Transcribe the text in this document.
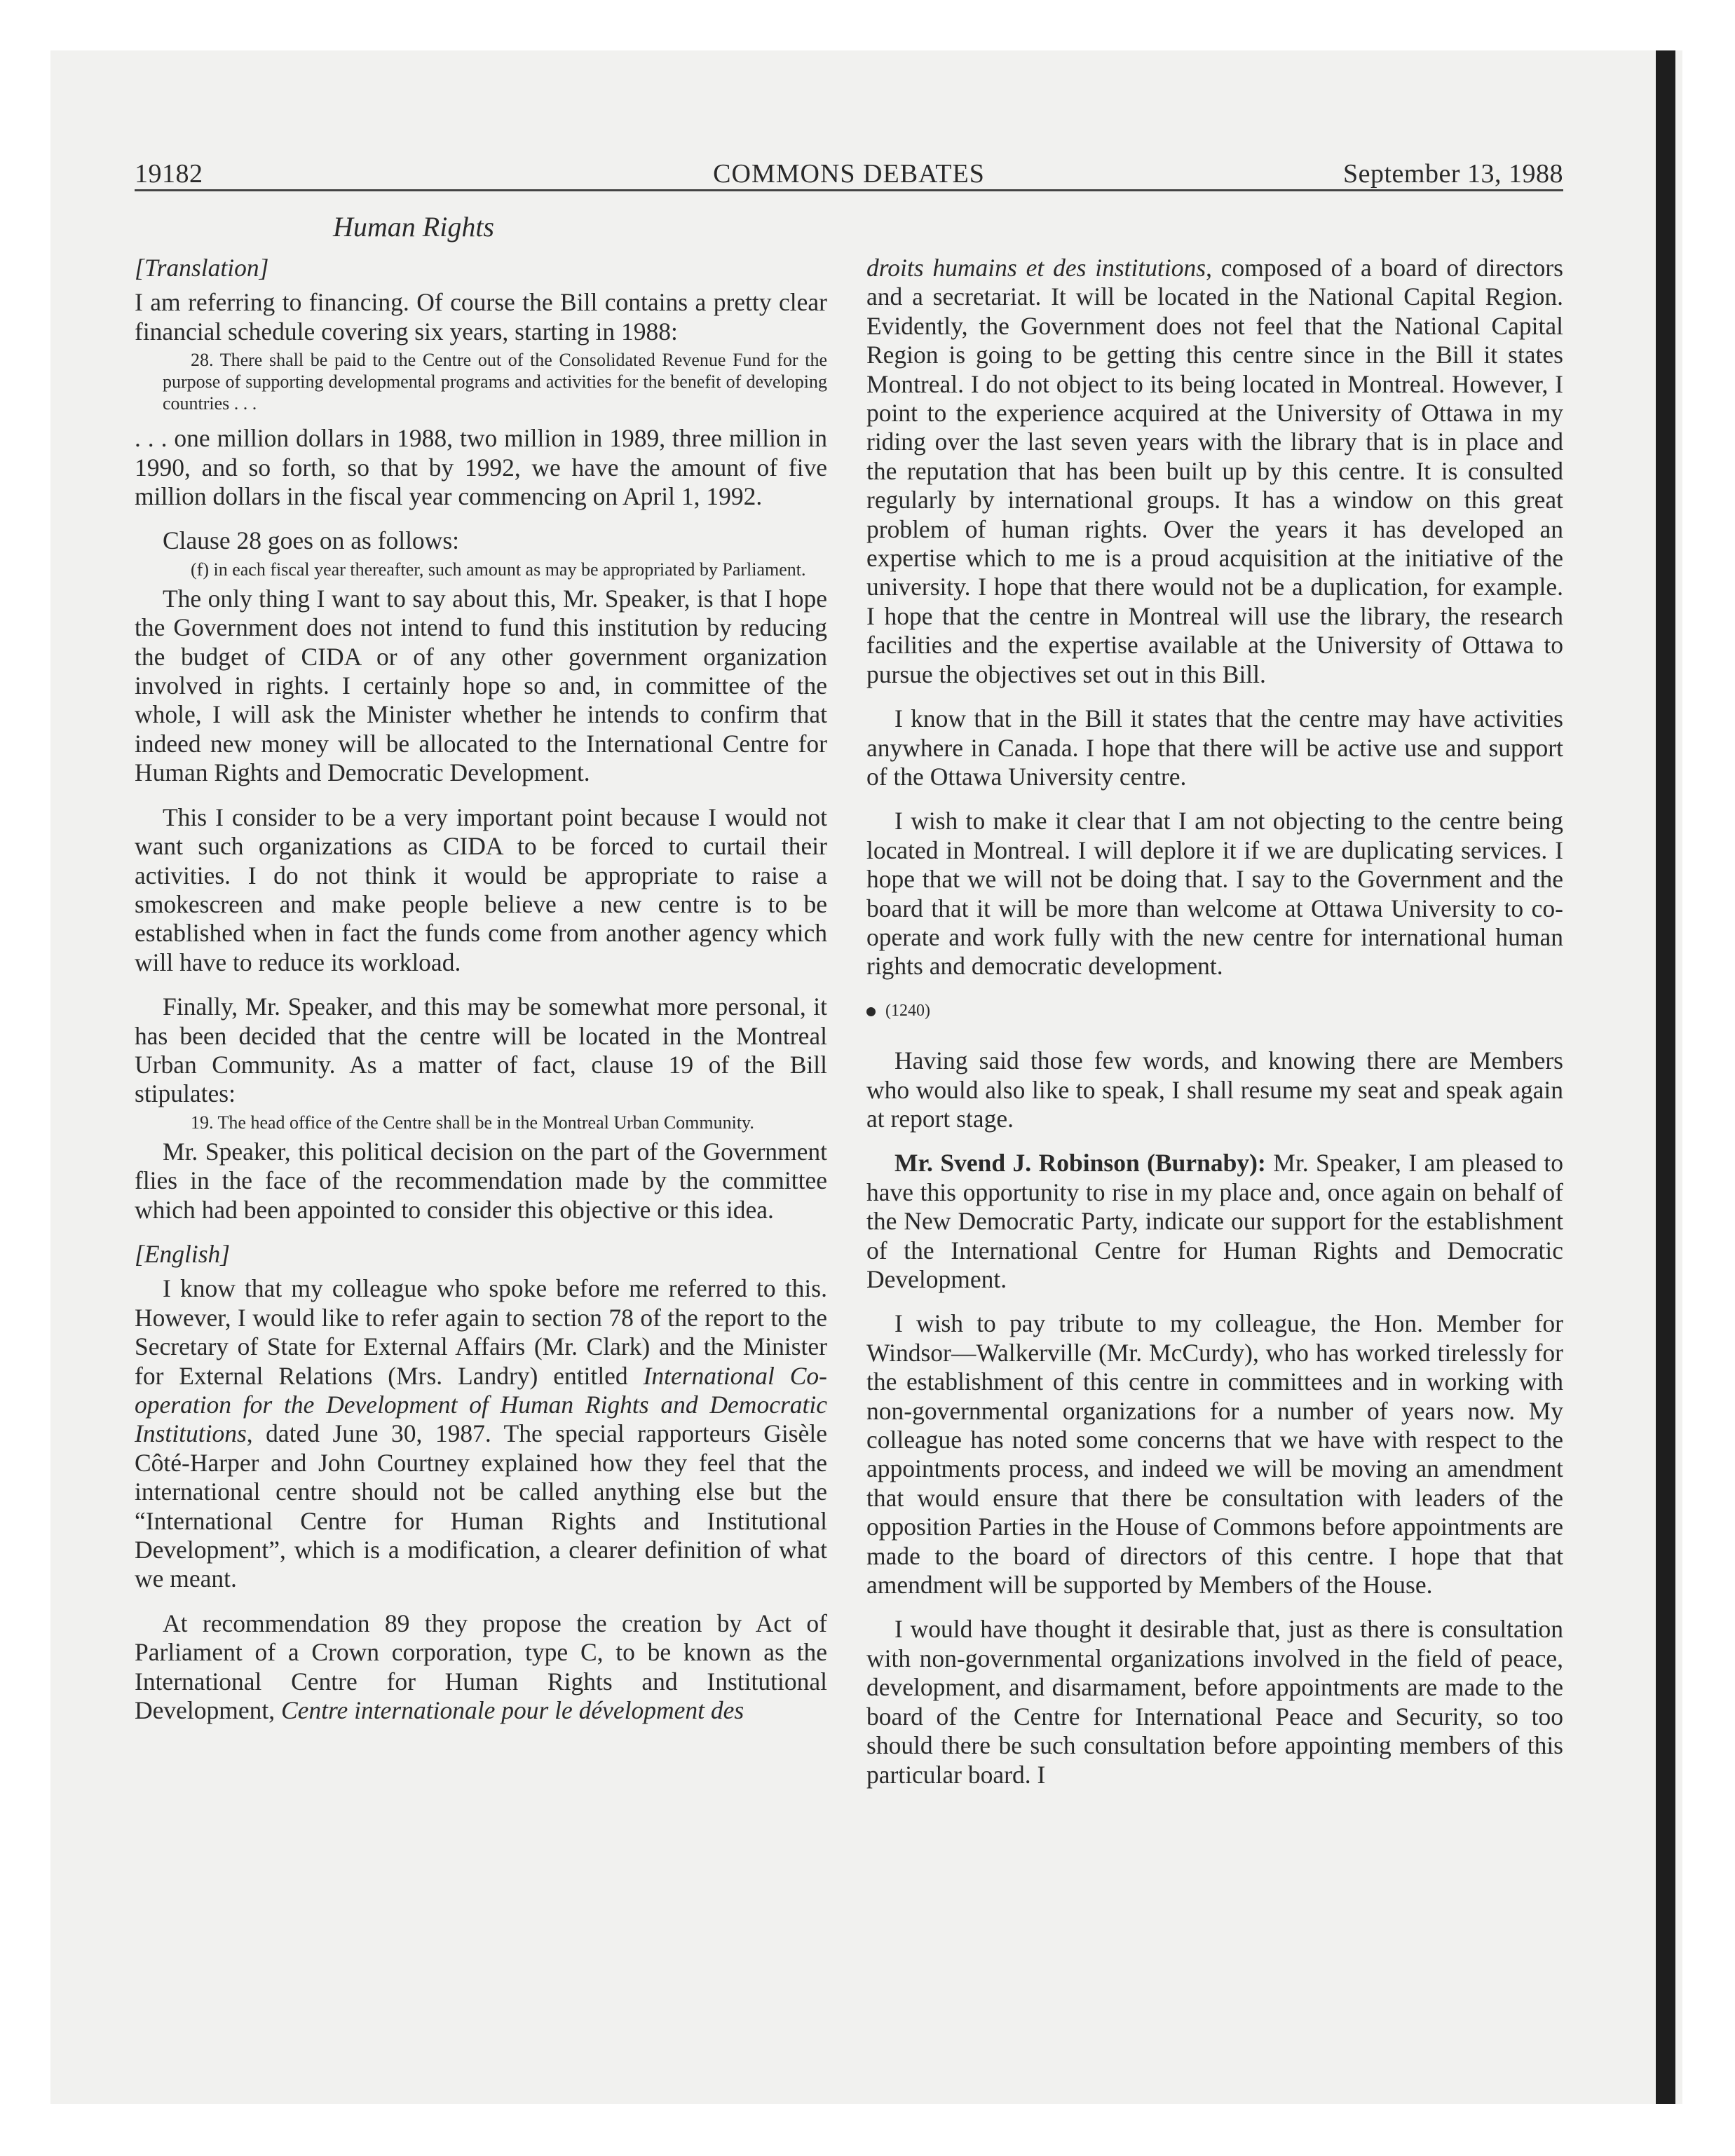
19182	COMMONS DEBATES	September 13, 1988
Human Rights
[Translation]

I am referring to financing. Of course the Bill contains a pretty clear financial schedule covering six years, starting in 1988:

28. There shall be paid to the Centre out of the Consolidated Revenue Fund for the purpose of supporting developmental programs and activities for the benefit of developing countries . . .

. . . one million dollars in 1988, two million in 1989, three million in 1990, and so forth, so that by 1992, we have the amount of five million dollars in the fiscal year commencing on April 1, 1992.

Clause 28 goes on as follows:

(f) in each fiscal year thereafter, such amount as may be appropriated by Parliament.

The only thing I want to say about this, Mr. Speaker, is that I hope the Government does not intend to fund this institution by reducing the budget of CIDA or of any other government organization involved in rights. I certainly hope so and, in committee of the whole, I will ask the Minister whether he intends to confirm that indeed new money will be allocated to the International Centre for Human Rights and Democratic Development.

This I consider to be a very important point because I would not want such organizations as CIDA to be forced to curtail their activities. I do not think it would be appropriate to raise a smokescreen and make people believe a new centre is to be established when in fact the funds come from another agency which will have to reduce its workload.

Finally, Mr. Speaker, and this may be somewhat more personal, it has been decided that the centre will be located in the Montreal Urban Community. As a matter of fact, clause 19 of the Bill stipulates:

19. The head office of the Centre shall be in the Montreal Urban Community.

Mr. Speaker, this political decision on the part of the Government flies in the face of the recommendation made by the committee which had been appointed to consider this objective or this idea.

[English]

I know that my colleague who spoke before me referred to this. However, I would like to refer again to section 78 of the report to the Secretary of State for External Affairs (Mr. Clark) and the Minister for External Relations (Mrs. Landry) entitled International Co-operation for the Development of Human Rights and Democratic Institutions, dated June 30, 1987. The special rapporteurs Gisèle Côté-Harper and John Courtney explained how they feel that the international centre should not be called anything else but the “International Centre for Human Rights and Institutional Development”, which is a modification, a clearer definition of what we meant.

At recommendation 89 they propose the creation by Act of Parliament of a Crown corporation, type C, to be known as the International Centre for Human Rights and Institutional Development, Centre internationale pour le dévelopment des

droits humains et des institutions, composed of a board of directors and a secretariat. It will be located in the National Capital Region. Evidently, the Government does not feel that the National Capital Region is going to be getting this centre since in the Bill it states Montreal. I do not object to its being located in Montreal. However, I point to the experience acquired at the University of Ottawa in my riding over the last seven years with the library that is in place and the reputation that has been built up by this centre. It is consulted regularly by international groups. It has a window on this great problem of human rights. Over the years it has developed an expertise which to me is a proud acquisition at the initiative of the university. I hope that there would not be a duplication, for example. I hope that the centre in Montreal will use the library, the research facilities and the expertise available at the University of Ottawa to pursue the objectives set out in this Bill.

I know that in the Bill it states that the centre may have activities anywhere in Canada. I hope that there will be active use and support of the Ottawa University centre.

I wish to make it clear that I am not objecting to the centre being located in Montreal. I will deplore it if we are duplicating services. I hope that we will not be doing that. I say to the Government and the board that it will be more than welcome at Ottawa University to co-operate and work fully with the new centre for international human rights and democratic development.

(1240)

Having said those few words, and knowing there are Members who would also like to speak, I shall resume my seat and speak again at report stage.

Mr. Svend J. Robinson (Burnaby): Mr. Speaker, I am pleased to have this opportunity to rise in my place and, once again on behalf of the New Democratic Party, indicate our support for the establishment of the International Centre for Human Rights and Democratic Development.

I wish to pay tribute to my colleague, the Hon. Member for Windsor—Walkerville (Mr. McCurdy), who has worked tirelessly for the establishment of this centre in committees and in working with non-governmental organizations for a number of years now. My colleague has noted some concerns that we have with respect to the appointments process, and indeed we will be moving an amendment that would ensure that there be consultation with leaders of the opposition Parties in the House of Commons before appointments are made to the board of directors of this centre. I hope that that amendment will be supported by Members of the House.

I would have thought it desirable that, just as there is consultation with non-governmental organizations involved in the field of peace, development, and disarmament, before appointments are made to the board of the Centre for International Peace and Security, so too should there be such consultation before appointing members of this particular board. I
